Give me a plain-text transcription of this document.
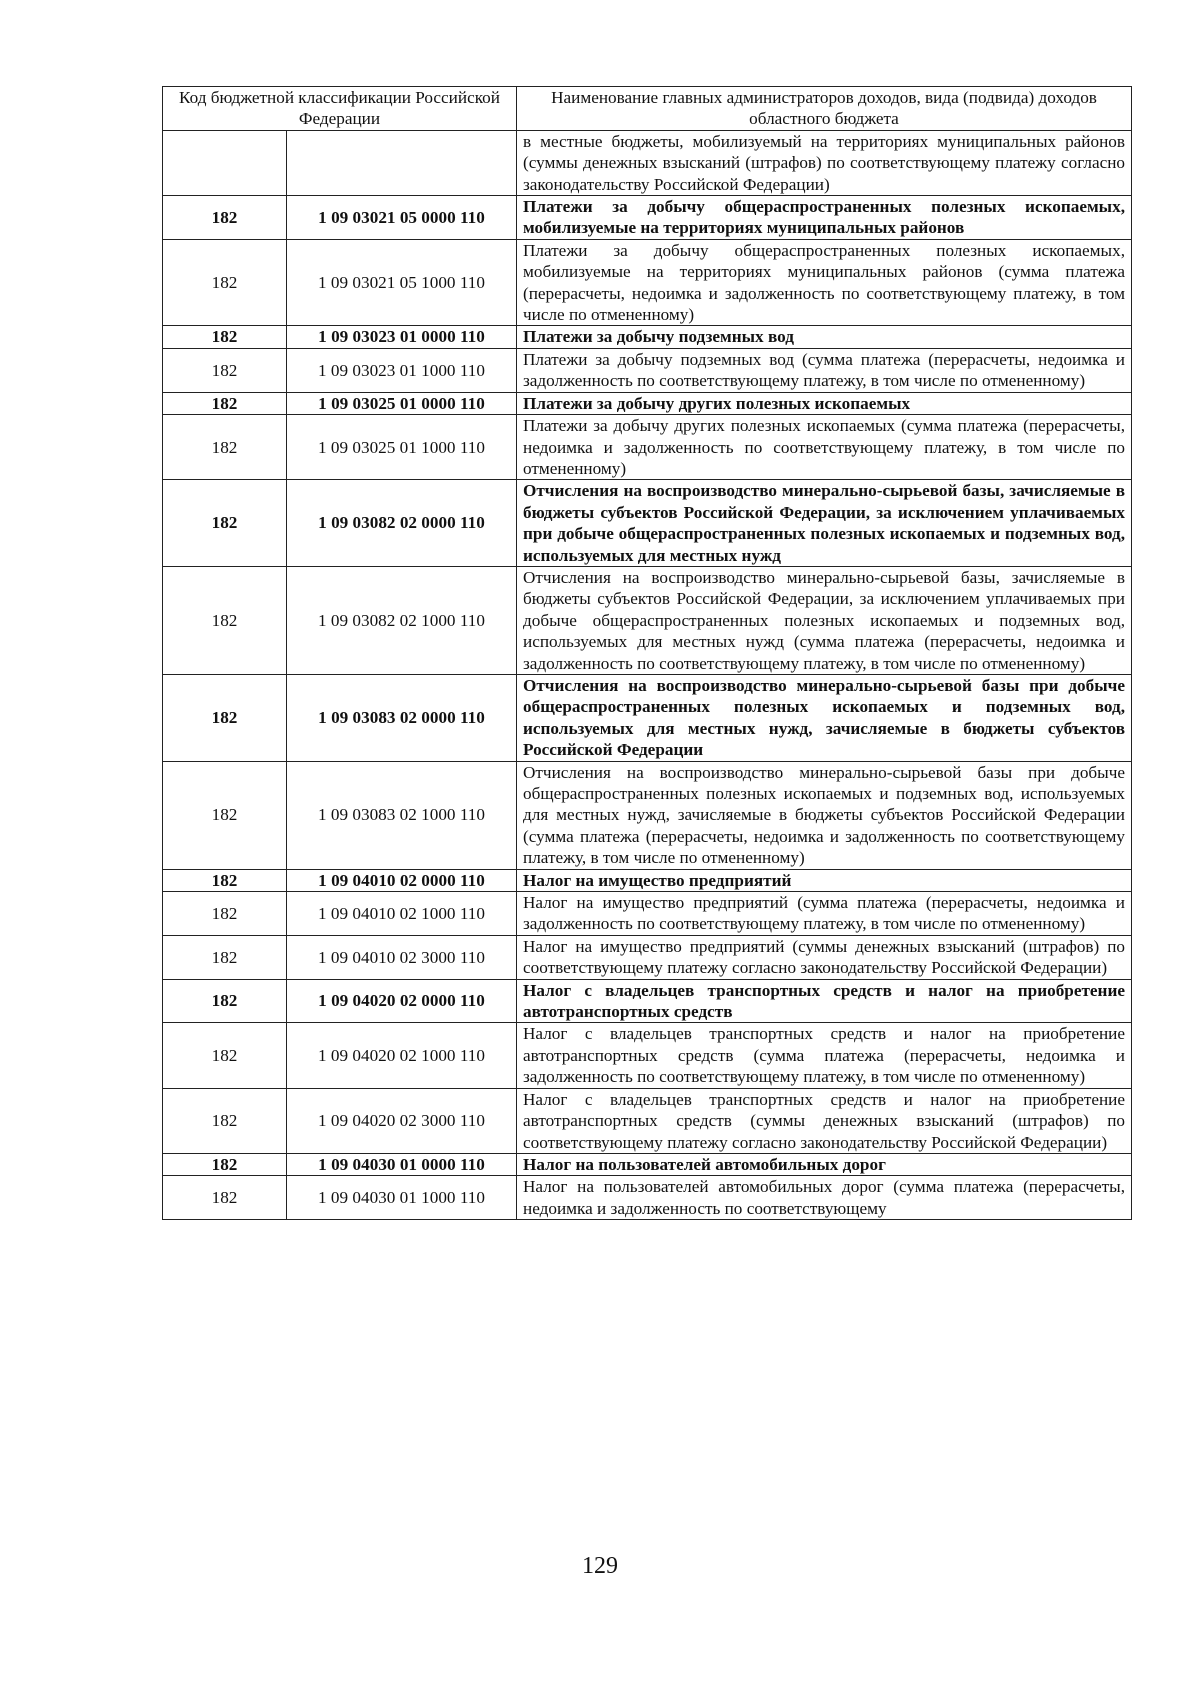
Код бюджетной классификации Российской Федерации		Наименование главных администраторов доходов, вида (подвида) доходов областного бюджета
		в местные бюджеты, мобилизуемый на территориях муниципальных районов (суммы денежных взысканий (штрафов) по соответствующему платежу согласно законодательству Российской Федерации)
182	1 09 03021 05 0000 110	Платежи за добычу общераспространенных полезных ископаемых, мобилизуемые на территориях муниципальных районов
182	1 09 03021 05 1000 110	Платежи за добычу общераспространенных полезных ископаемых, мобилизуемые на территориях муниципальных районов (сумма платежа (перерасчеты, недоимка и задолженность по соответствующему платежу, в том числе по отмененному)
182	1 09 03023 01 0000 110	Платежи за добычу подземных вод
182	1 09 03023 01 1000 110	Платежи за добычу подземных вод (сумма платежа (перерасчеты, недоимка и задолженность по соответствующему платежу, в том числе по отмененному)
182	1 09 03025 01 0000 110	Платежи за добычу других полезных ископаемых
182	1 09 03025 01 1000 110	Платежи за добычу других полезных ископаемых (сумма платежа (перерасчеты, недоимка и задолженность по соответствующему платежу, в том числе по отмененному)
182	1 09 03082 02 0000 110	Отчисления на воспроизводство минерально-сырьевой базы, зачисляемые в бюджеты субъектов Российской Федерации, за исключением уплачиваемых при добыче общераспространенных полезных ископаемых и подземных вод, используемых для местных нужд
182	1 09 03082 02 1000 110	Отчисления на воспроизводство минерально-сырьевой базы, зачисляемые в бюджеты субъектов Российской Федерации, за исключением уплачиваемых при добыче общераспространенных полезных ископаемых и подземных вод, используемых для местных нужд (сумма платежа (перерасчеты, недоимка и задолженность по соответствующему платежу, в том числе по отмененному)
182	1 09 03083 02 0000 110	Отчисления на воспроизводство минерально-сырьевой базы при добыче общераспространенных полезных ископаемых и подземных вод, используемых для местных нужд, зачисляемые в бюджеты субъектов Российской Федерации
182	1 09 03083 02 1000 110	Отчисления на воспроизводство минерально-сырьевой базы при добыче общераспространенных полезных ископаемых и подземных вод, используемых для местных нужд, зачисляемые в бюджеты субъектов Российской Федерации (сумма платежа (перерасчеты, недоимка и задолженность по соответствующему платежу, в том числе по отмененному)
182	1 09 04010 02 0000 110	Налог на имущество предприятий
182	1 09 04010 02 1000 110	Налог на имущество предприятий (сумма платежа (перерасчеты, недоимка и задолженность по соответствующему платежу, в том числе по отмененному)
182	1 09 04010 02 3000 110	Налог на имущество предприятий (суммы денежных взысканий (штрафов) по соответствующему платежу согласно законодательству Российской Федерации)
182	1 09 04020 02 0000 110	Налог с владельцев транспортных средств и налог на приобретение автотранспортных средств
182	1 09 04020 02 1000 110	Налог с владельцев транспортных средств и налог на приобретение автотранспортных средств (сумма платежа (перерасчеты, недоимка и задолженность по соответствующему платежу, в том числе по отмененному)
182	1 09 04020 02 3000 110	Налог с владельцев транспортных средств и налог на приобретение автотранспортных средств (суммы денежных взысканий (штрафов) по соответствующему платежу согласно законодательству Российской Федерации)
182	1 09 04030 01 0000 110	Налог на пользователей автомобильных дорог
182	1 09 04030 01 1000 110	Налог на пользователей автомобильных дорог (сумма платежа (перерасчеты, недоимка и задолженность по соответствующему
129
